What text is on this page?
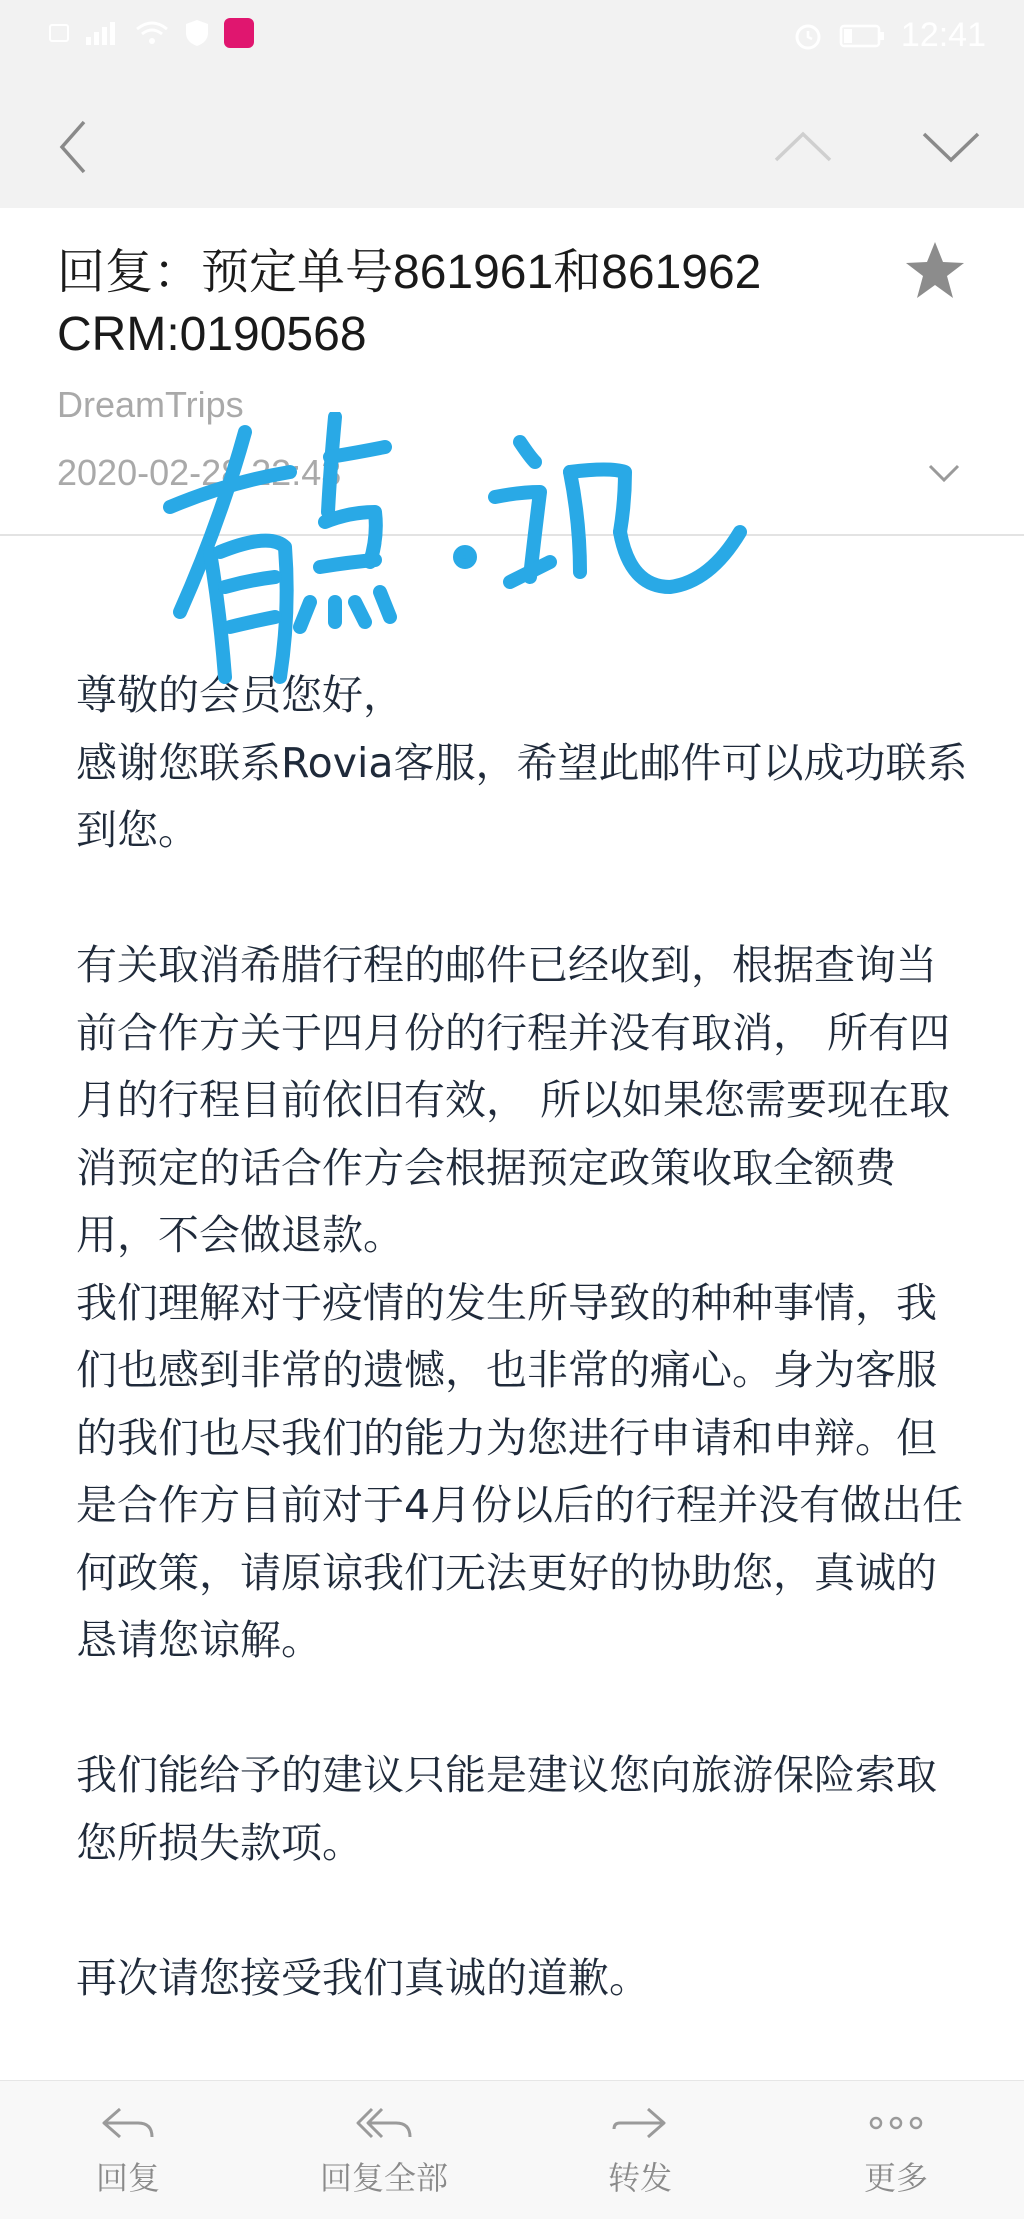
12:41
回复：预定单号861961和861962 CRM:0190568
DreamTrips
2020-02-28 22:43

尊敬的会员您好，

感谢您联系Rovia客服，希望此邮件可以成功联系到您。

有关取消希腊行程的邮件已经收到，根据查询当前合作方关于四月份的行程并没有取消， 所有四月的行程目前依旧有效， 所以如果您需要现在取消预定的话合作方会根据预定政策收取全额费用，不会做退款。

我们理解对于疫情的发生所导致的种种事情，我们也感到非常的遗憾，也非常的痛心。身为客服的我们也尽我们的能力为您进行申请和申辩。但是合作方目前对于4月份以后的行程并没有做出任何政策，请原谅我们无法更好的协助您，真诚的恳请您谅解。

我们能给予的建议只能是建议您向旅游保险索取您所损失款项。

再次请您接受我们真诚的道歉。

回复	回复全部	转发	更多
